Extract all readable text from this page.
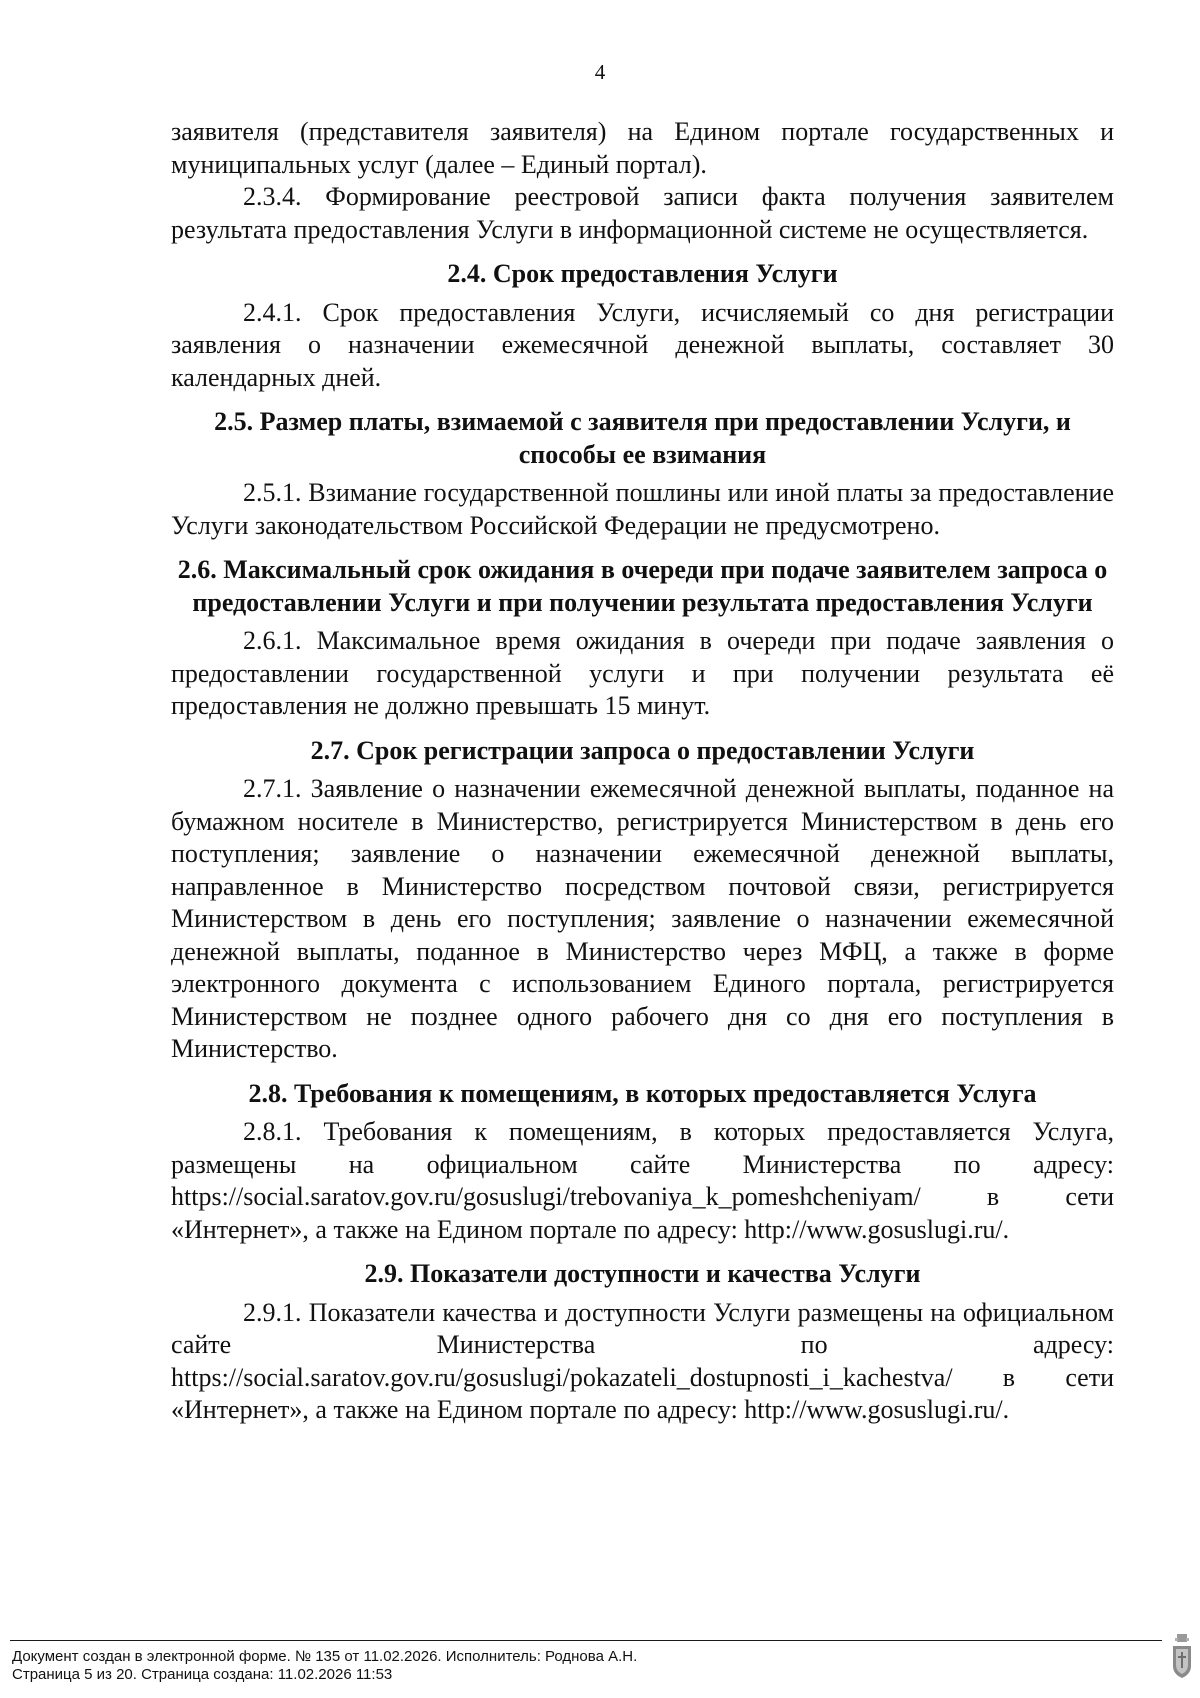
4

заявителя (представителя заявителя) на Едином портале государственных и муниципальных услуг (далее – Единый портал).

2.3.4. Формирование реестровой записи факта получения заявителем результата предоставления Услуги в информационной системе не осуществляется.

2.4. Срок предоставления Услуги

2.4.1. Срок предоставления Услуги, исчисляемый со дня регистрации заявления о назначении ежемесячной денежной выплаты, составляет 30 календарных дней.

2.5. Размер платы, взимаемой с заявителя при предоставлении Услуги, и способы ее взимания

2.5.1. Взимание государственной пошлины или иной платы за предоставление Услуги законодательством Российской Федерации не предусмотрено.

2.6. Максимальный срок ожидания в очереди при подаче заявителем запроса о предоставлении Услуги и при получении результата предоставления Услуги

2.6.1. Максимальное время ожидания в очереди при подаче заявления о предоставлении государственной услуги и при получении результата её предоставления не должно превышать 15 минут.

2.7. Срок регистрации запроса о предоставлении Услуги

2.7.1. Заявление о назначении ежемесячной денежной выплаты, поданное на бумажном носителе в Министерство, регистрируется Министерством в день его поступления; заявление о назначении ежемесячной денежной выплаты, направленное в Министерство посредством почтовой связи, регистрируется Министерством в день его поступления; заявление о назначении ежемесячной денежной выплаты, поданное в Министерство через МФЦ, а также в форме электронного документа с использованием Единого портала, регистрируется Министерством не позднее одного рабочего дня со дня его поступления в Министерство.

2.8. Требования к помещениям, в которых предоставляется Услуга

2.8.1. Требования к помещениям, в которых предоставляется Услуга, размещены на официальном сайте Министерства по адресу: https://social.saratov.gov.ru/gosuslugi/trebovaniya_k_pomeshcheniyam/ в сети «Интернет», а также на Едином портале по адресу: http://www.gosuslugi.ru/.

2.9. Показатели доступности и качества Услуги

2.9.1. Показатели качества и доступности Услуги размещены на официальном сайте Министерства по адресу: https://social.saratov.gov.ru/gosuslugi/pokazateli_dostupnosti_i_kachestva/ в сети «Интернет», а также на Едином портале по адресу: http://www.gosuslugi.ru/.

Документ создан в электронной форме. № 135 от 11.02.2026. Исполнитель: Роднова А.Н.
Страница 5 из 20. Страница создана: 11.02.2026 11:53
